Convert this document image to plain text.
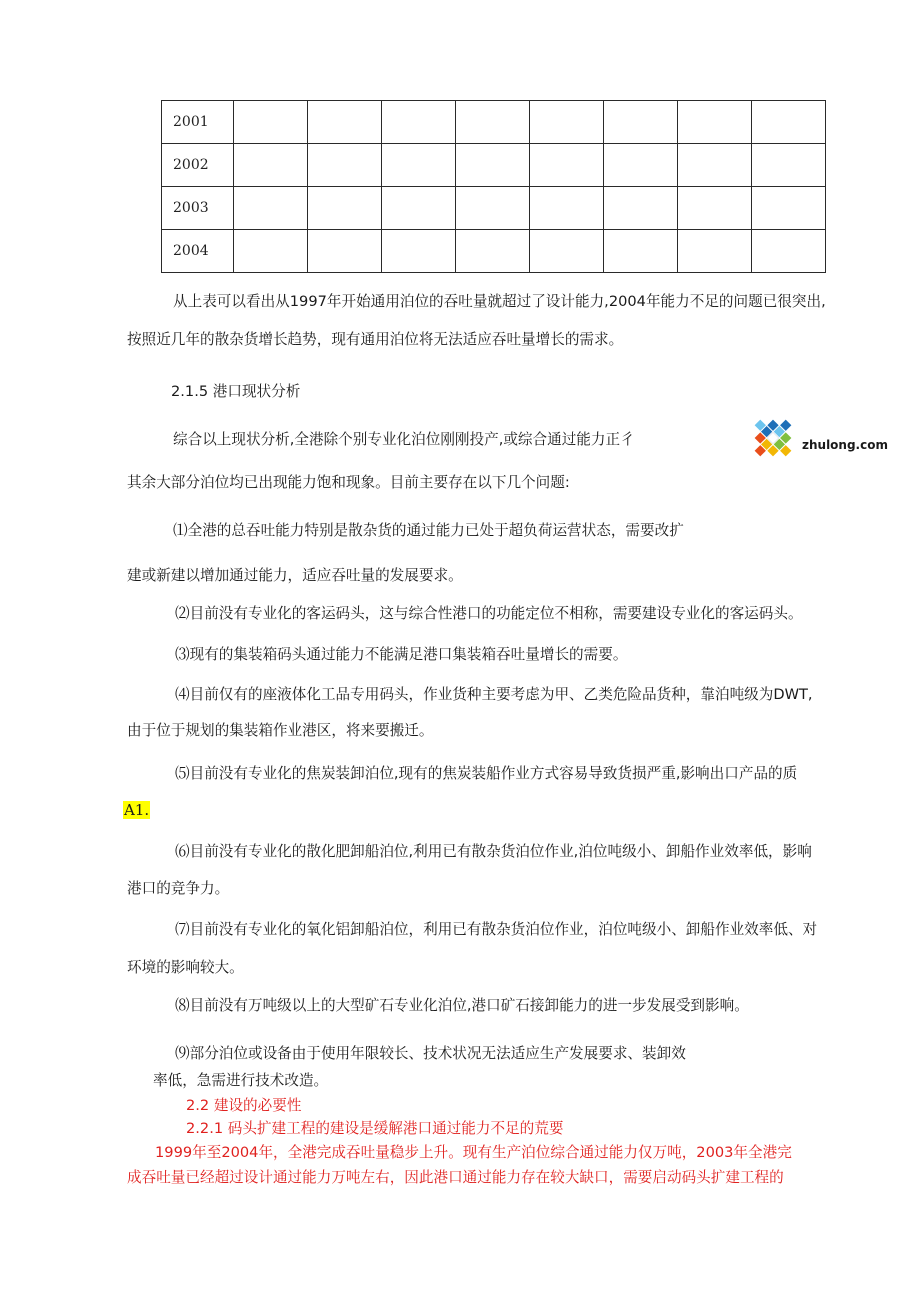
2001								
2002								
2003								
2004								
从上表可以看出从1997年开始通用泊位的吞吐量就超过了设计能力,2004年能力不足的问题已很突出,
按照近几年的散杂货增长趋势，现有通用泊位将无法适应吞吐量增长的需求。
2.1.5 港口现状分析
综合以上现状分析,全港除个别专业化泊位刚刚投产,或综合通过能力正彳
其余大部分泊位均已出现能力饱和现象。目前主要存在以下几个问题:
⑴全港的总吞吐能力特别是散杂货的通过能力已处于超负荷运营状态，需要改扩
建或新建以增加通过能力，适应吞吐量的发展要求。
⑵目前没有专业化的客运码头，这与综合性港口的功能定位不相称，需要建设专业化的客运码头。
⑶现有的集装箱码头通过能力不能满足港口集装箱吞吐量增长的需要。
⑷目前仅有的座液体化工品专用码头，作业货种主要考虑为甲、乙类危险品货种，靠泊吨级为DWT,
由于位于规划的集装箱作业港区，将来要搬迁。
⑸目前没有专业化的焦炭装卸泊位,现有的焦炭装船作业方式容易导致货损严重,影响出口产品的质
A1.
⑹目前没有专业化的散化肥卸船泊位,利用已有散杂货泊位作业,泊位吨级小、卸船作业效率低，影响
港口的竞争力。
⑺目前没有专业化的氧化铝卸船泊位，利用已有散杂货泊位作业，泊位吨级小、卸船作业效率低、对
环境的影响较大。
⑻目前没有万吨级以上的大型矿石专业化泊位,港口矿石接卸能力的进一步发展受到影响。
⑼部分泊位或设备由于使用年限较长、技术状况无法适应生产发展要求、装卸效
率低，急需进行技术改造。
2.2 建设的必要性
2.2.1 码头扩建工程的建设是缓解港口通过能力不足的荒要
1999年至2004年，全港完成吞吐量稳步上升。现有生产泊位综合通过能力仅万吨，2003年全港完
成吞吐量已经超过设计通过能力万吨左右，因此港口通过能力存在较大缺口，需要启动码头扩建工程的
zhulong.com
